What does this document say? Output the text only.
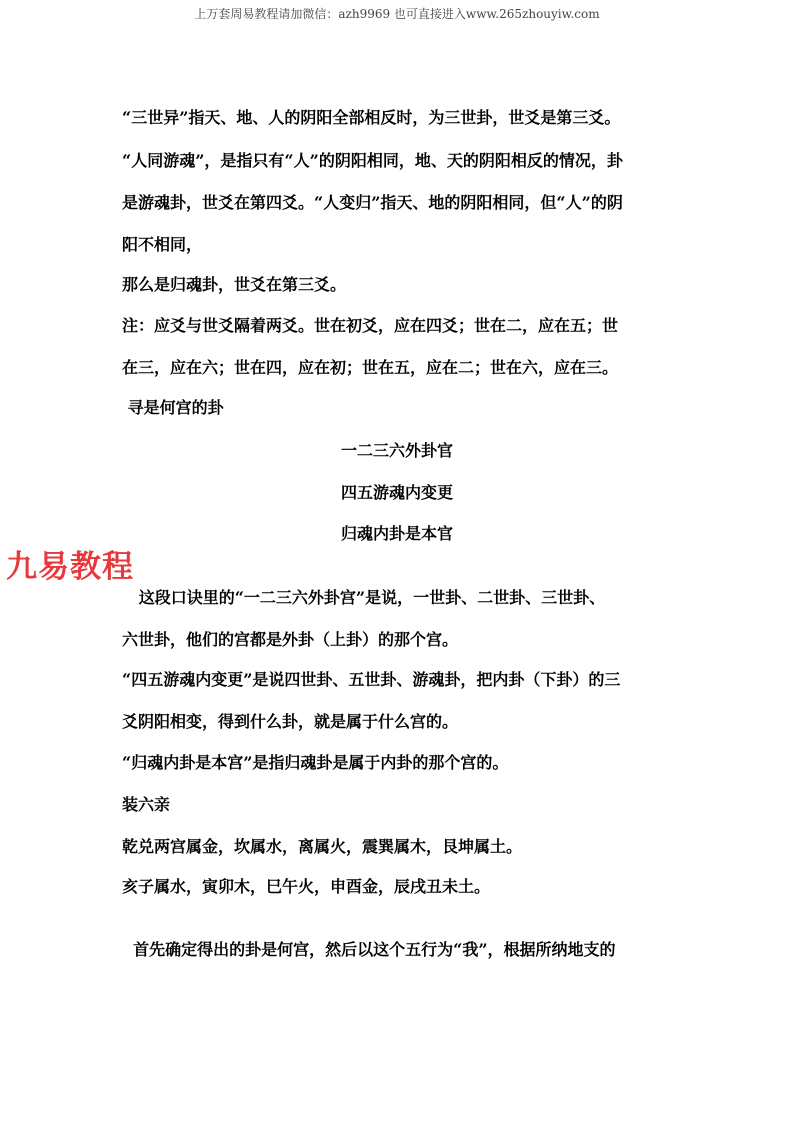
上万套周易教程请加微信：azh9969 也可直接进入www.265zhouyiw.com
“三世异”指天、地、人的阴阳全部相反时，为三世卦，世爻是第三爻。
“人同游魂”，是指只有“人”的阴阳相同，地、天的阴阳相反的情况，卦
是游魂卦，世爻在第四爻。“人变归”指天、地的阴阳相同，但“人”的阴
阳不相同，
那么是归魂卦，世爻在第三爻。
注：应爻与世爻隔着两爻。世在初爻，应在四爻；世在二，应在五；世
在三，应在六；世在四，应在初；世在五，应在二；世在六，应在三。
寻是何宫的卦
一二三六外卦官
四五游魂内变更
归魂内卦是本官
九易教程
这段口诀里的“一二三六外卦宫”是说，一世卦、二世卦、三世卦、
六世卦，他们的宫都是外卦（上卦）的那个宫。
“四五游魂内变更”是说四世卦、五世卦、游魂卦，把内卦（下卦）的三
爻阴阳相变，得到什么卦，就是属于什么宫的。
“归魂内卦是本宫”是指归魂卦是属于内卦的那个宫的。
装六亲
乾兑两宫属金，坎属水，离属火，震巽属木，艮坤属土。
亥子属水，寅卯木，巳午火，申酉金，辰戌丑未土。
首先确定得出的卦是何宫，然后以这个五行为“我”，根据所纳地支的
